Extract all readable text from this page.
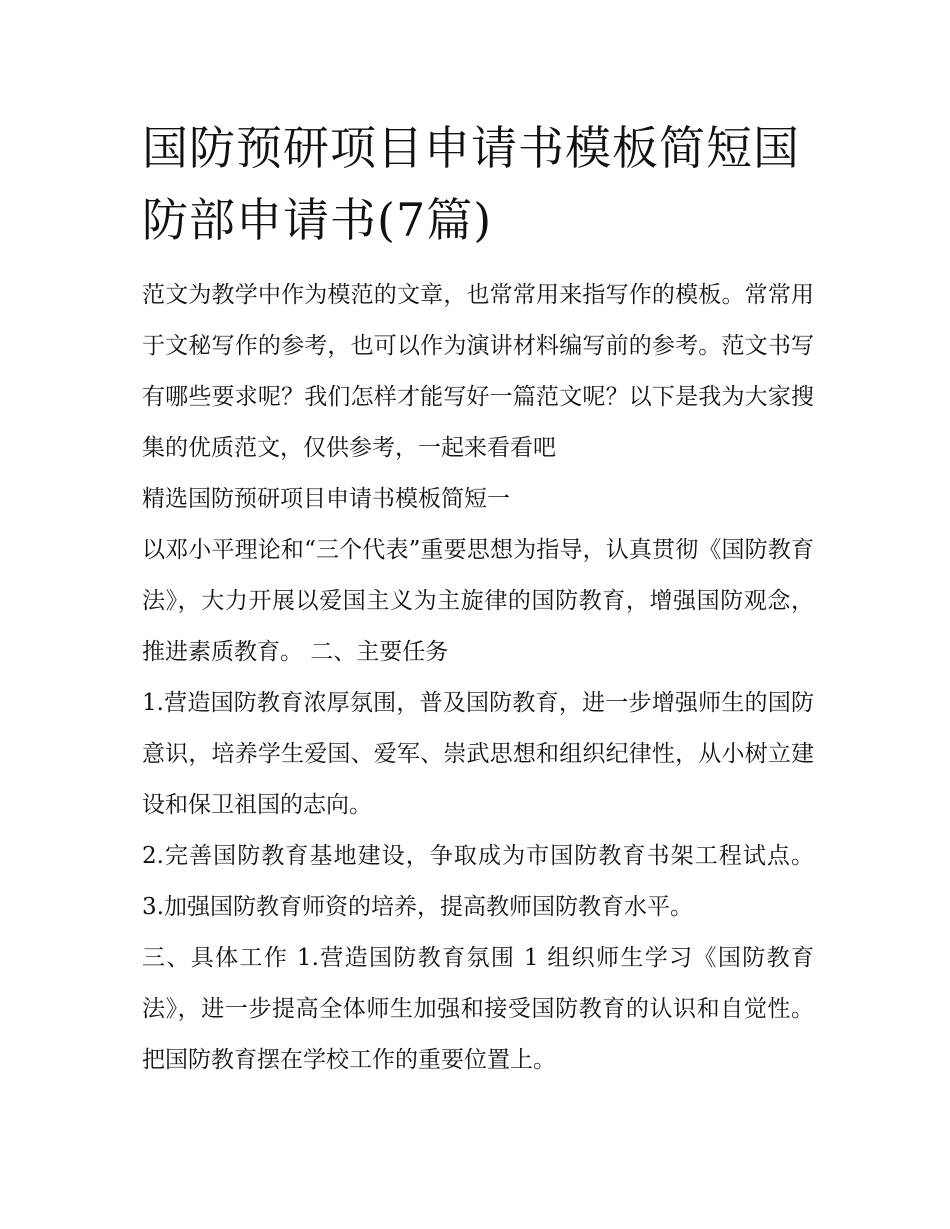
国防预研项目申请书模板简短国防部申请书(7篇)

范文为教学中作为模范的文章，也常常用来指写作的模板。常常用于文秘写作的参考，也可以作为演讲材料编写前的参考。范文书写有哪些要求呢？我们怎样才能写好一篇范文呢？以下是我为大家搜集的优质范文，仅供参考，一起来看看吧

精选国防预研项目申请书模板简短一

以邓小平理论和“三个代表”重要思想为指导，认真贯彻《国防教育法》，大力开展以爱国主义为主旋律的国防教育，增强国防观念，推进素质教育。 二、主要任务

1.营造国防教育浓厚氛围，普及国防教育，进一步增强师生的国防意识，培养学生爱国、爱军、崇武思想和组织纪律性，从小树立建设和保卫祖国的志向。

2.完善国防教育基地建设，争取成为市国防教育书架工程试点。 3.加强国防教育师资的培养，提高教师国防教育水平。

三、具体工作 1.营造国防教育氛围 1 组织师生学习《国防教育法》，进一步提高全体师生加强和接受国防教育的认识和自觉性。把国防教育摆在学校工作的重要位置上。
